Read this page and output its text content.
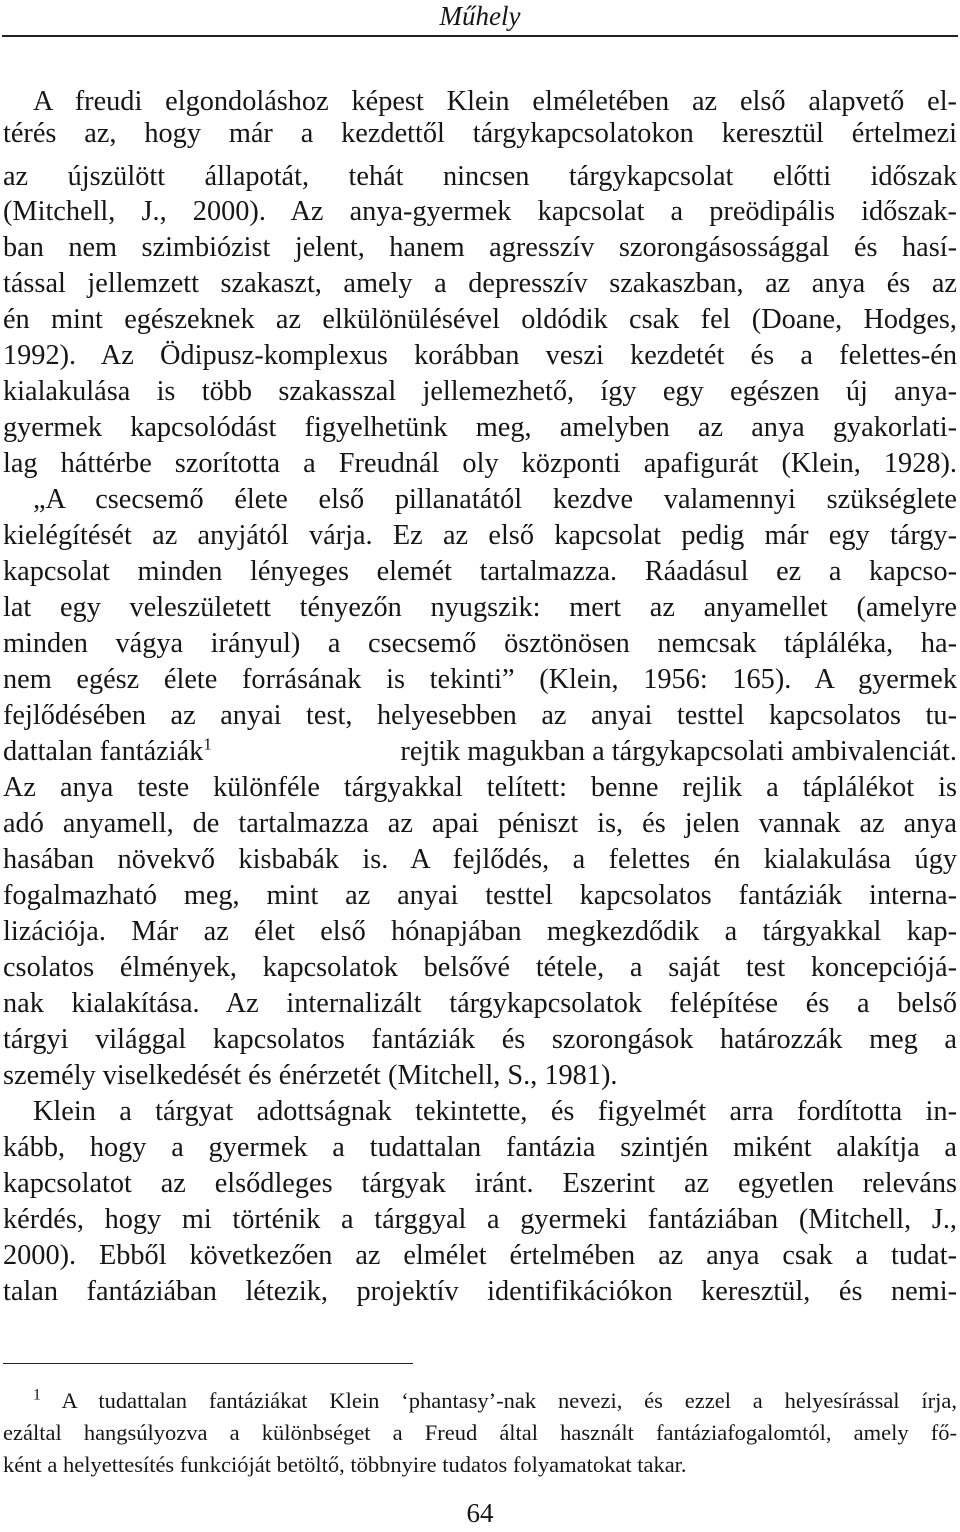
Műhely
A freudi elgondoláshoz képest Klein elméletében az első alapvető el-
térés az, hogy már a kezdettől tárgykapcsolatokon keresztül értelmezi
az újszülött állapotát, tehát nincsen tárgykapcsolat előtti időszak
(Mitchell, J., 2000). Az anya-gyermek kapcsolat a preödipális időszak-
ban nem szimbiózist jelent, hanem agresszív szorongásossággal és hasí-
tással jellemzett szakaszt, amely a depresszív szakaszban, az anya és az
én mint egészeknek az elkülönülésével oldódik csak fel (Doane, Hodges,
1992). Az Ödipusz-komplexus korábban veszi kezdetét és a felettes-én
kialakulása is több szakasszal jellemezhető, így egy egészen új anya-
gyermek kapcsolódást figyelhetünk meg, amelyben az anya gyakorlati-
lag háttérbe szorította a Freudnál oly központi apafigurát (Klein, 1928).
„A csecsemő élete első pillanatától kezdve valamennyi szükséglete
kielégítését az anyjától várja. Ez az első kapcsolat pedig már egy tárgy-
kapcsolat minden lényeges elemét tartalmazza. Ráadásul ez a kapcso-
lat egy veleszületett tényezőn nyugszik: mert az anyamellet (amelyre
minden vágya irányul) a csecsemő ösztönösen nemcsak tápláléka, ha-
nem egész élete forrásának is tekinti” (Klein, 1956: 165). A gyermek
fejlődésében az anyai test, helyesebben az anyai testtel kapcsolatos tu-
dattalan fantáziák$^1$	rejtik magukban a tárgykapcsolati ambivalenciát.
Az anya teste különféle tárgyakkal telített: benne rejlik a táplálékot is
adó anyamell, de tartalmazza az apai péniszt is, és jelen vannak az anya
hasában növekvő kisbabák is. A fejlődés, a felettes én kialakulása úgy
fogalmazható meg, mint az anyai testtel kapcsolatos fantáziák interna-
lizációja. Már az élet első hónapjában megkezdődik a tárgyakkal kap-
csolatos élmények, kapcsolatok belsővé tétele, a saját test koncepciójá-
nak kialakítása. Az internalizált tárgykapcsolatok felépítése és a belső
tárgyi világgal kapcsolatos fantáziák és szorongások határozzák meg a
személy viselkedését és énérzetét (Mitchell, S., 1981).
Klein a tárgyat adottságnak tekintette, és figyelmét arra fordította in-
kább, hogy a gyermek a tudattalan fantázia szintjén miként alakítja a
kapcsolatot az elsődleges tárgyak iránt. Eszerint az egyetlen releváns
kérdés, hogy mi történik a tárggyal a gyermeki fantáziában (Mitchell, J.,
2000). Ebből következően az elmélet értelmében az anya csak a tudat-
talan fantáziában létezik, projektív identifikációkon keresztül, és nemi-
$^1$ A tudattalan fantáziákat Klein ‘phantasy’-nak nevezi, és ezzel a helyesírással írja,
ezáltal hangsúlyozva a különbséget a Freud által használt fantáziafogalomtól, amely fő-
ként a helyettesítés funkcióját betöltő, többnyire tudatos folyamatokat takar.
64
